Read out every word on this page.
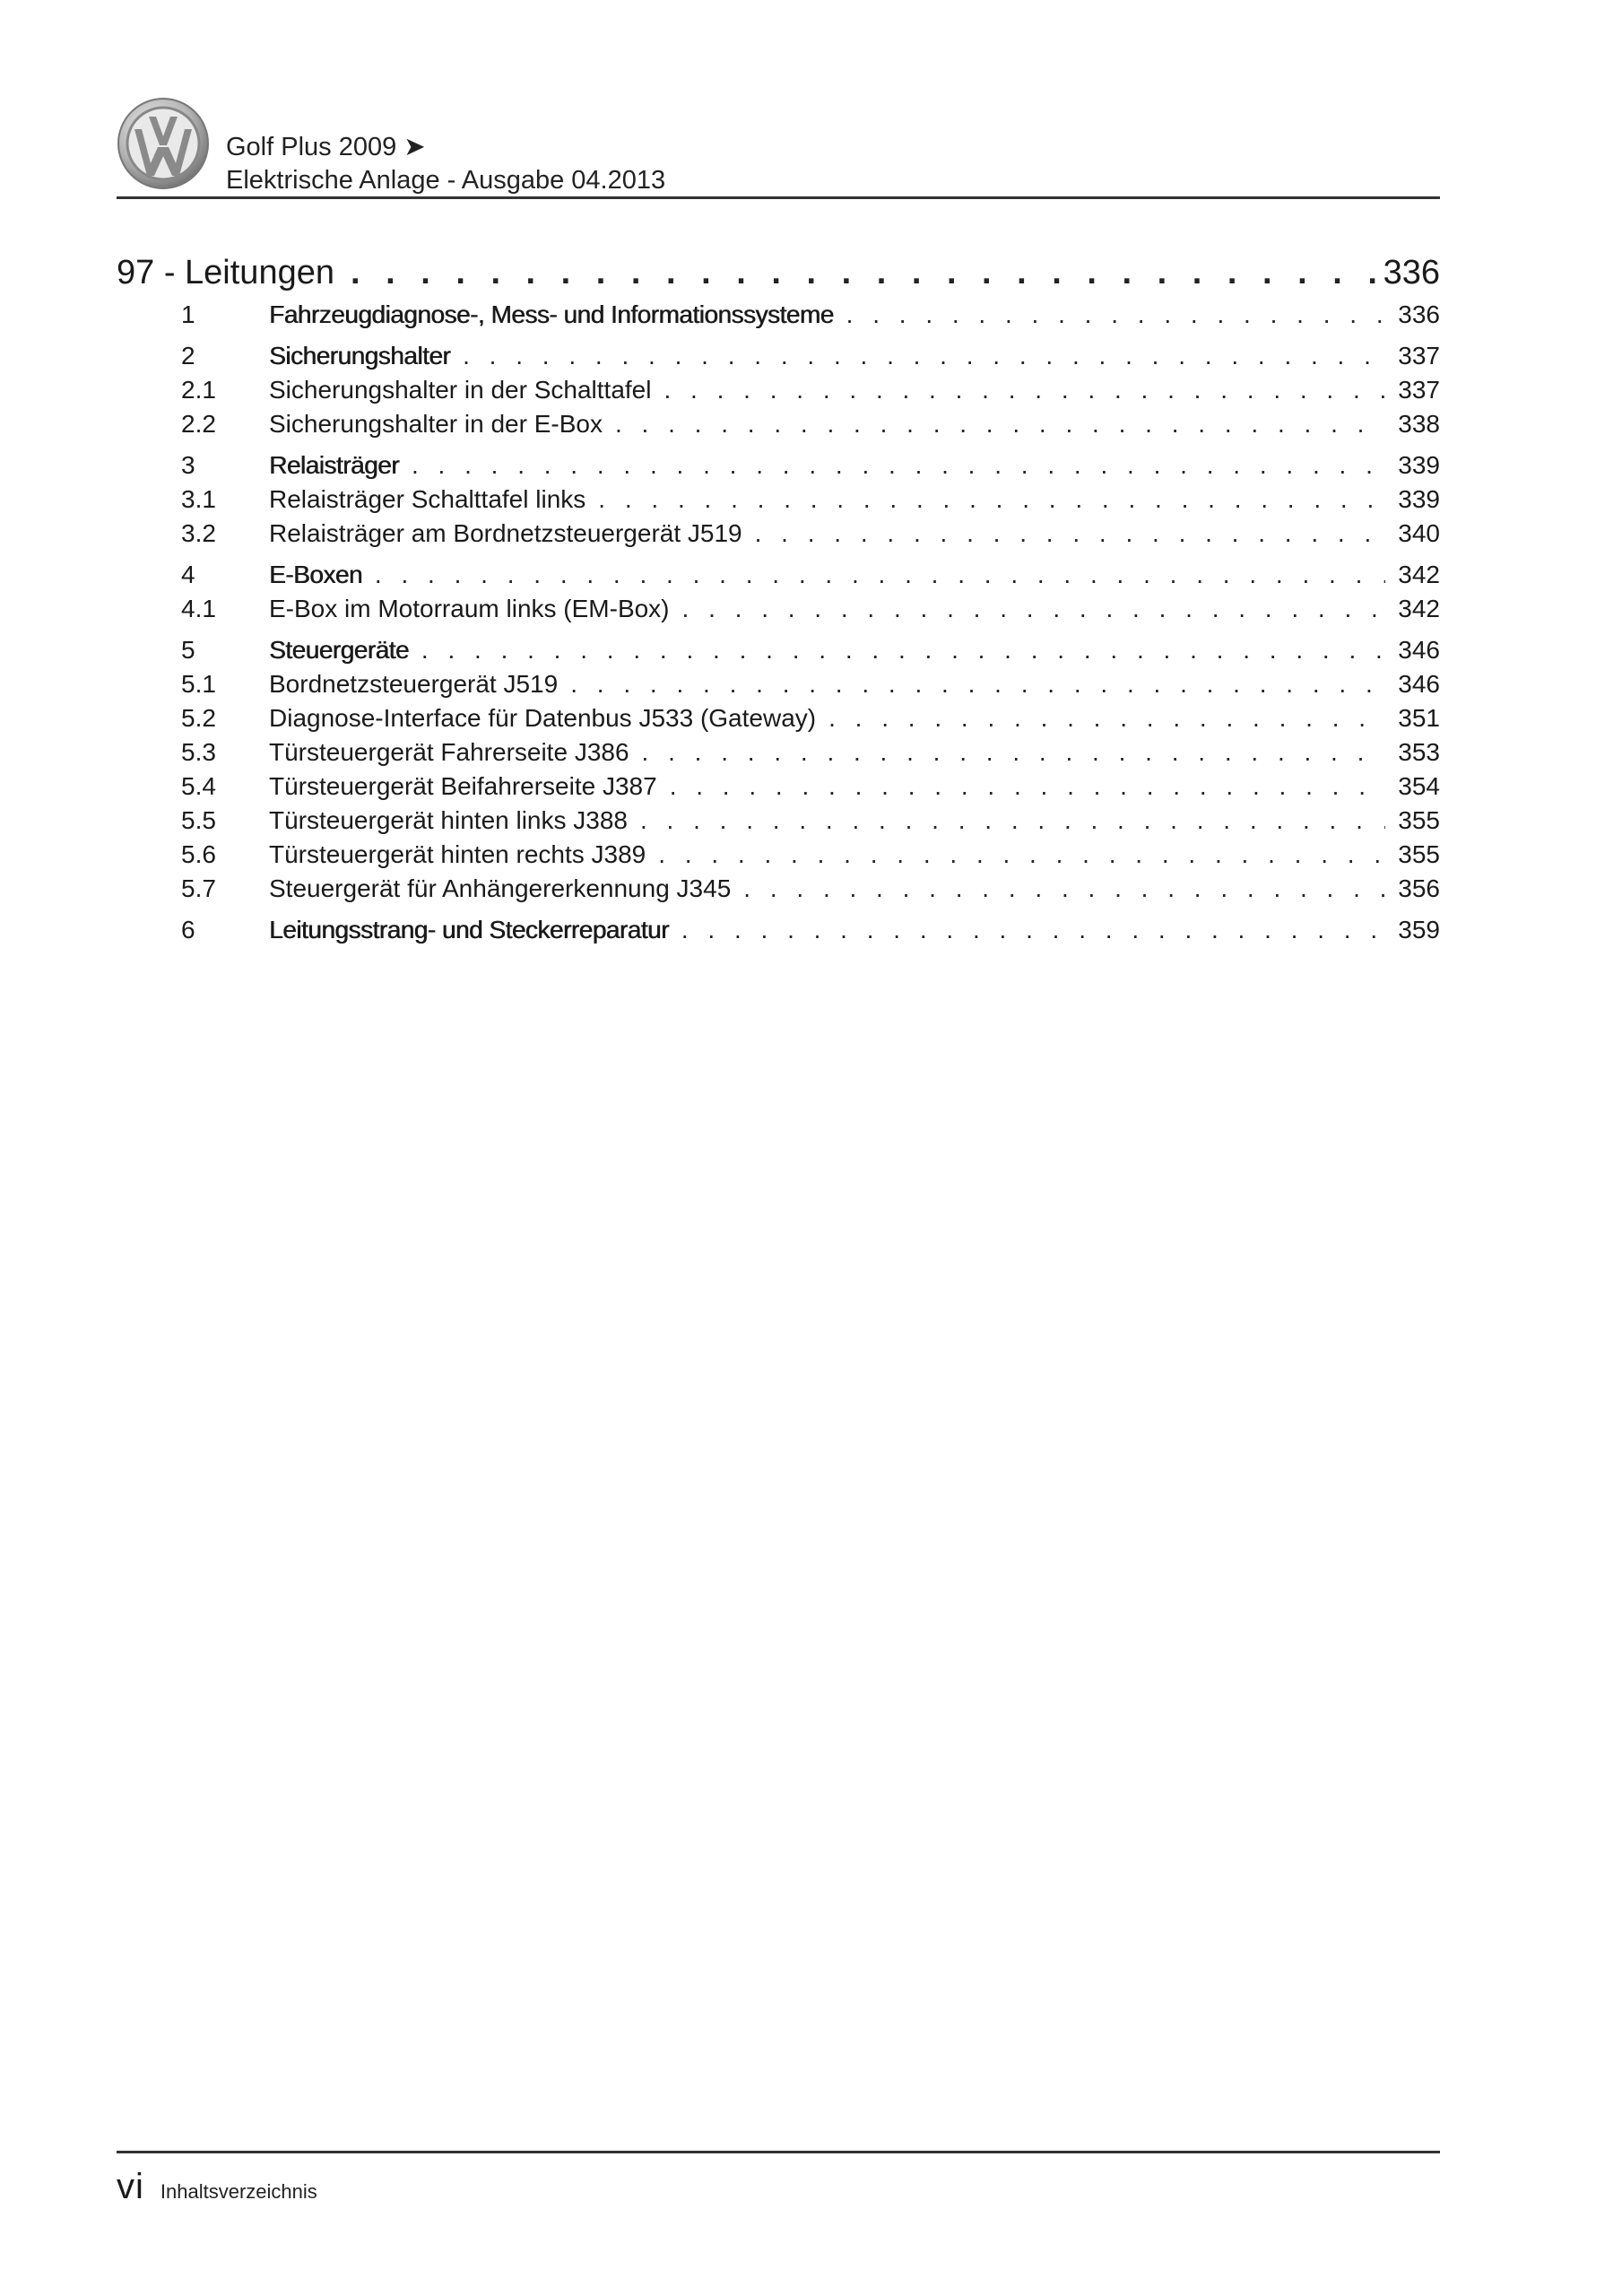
Golf Plus 2009 ➤
Elektrische Anlage - Ausgabe 04.2013
97 - Leitungen . . .	336
1	Fahrzeugdiagnose-, Mess- und Informationssysteme . . .	336
2	Sicherungshalter . . .	337
2.1	Sicherungshalter in der Schalttafel . . .	337
2.2	Sicherungshalter in der E-Box . . .	338
3	Relaisträger . . .	339
3.1	Relaisträger Schalttafel links . . .	339
3.2	Relaisträger am Bordnetzsteuergerät J519 . . .	340
4	E-Boxen . . .	342
4.1	E-Box im Motorraum links (EM-Box) . . .	342
5	Steuergeräte . . .	346
5.1	Bordnetzsteuergerät J519 . . .	346
5.2	Diagnose-Interface für Datenbus J533 (Gateway) . . .	351
5.3	Türsteuergerät Fahrerseite J386 . . .	353
5.4	Türsteuergerät Beifahrerseite J387 . . .	354
5.5	Türsteuergerät hinten links J388 . . .	355
5.6	Türsteuergerät hinten rechts J389 . . .	355
5.7	Steuergerät für Anhängererkennung J345 . . .	356
6	Leitungsstrang- und Steckerreparatur . . .	359
vi Inhaltsverzeichnis
